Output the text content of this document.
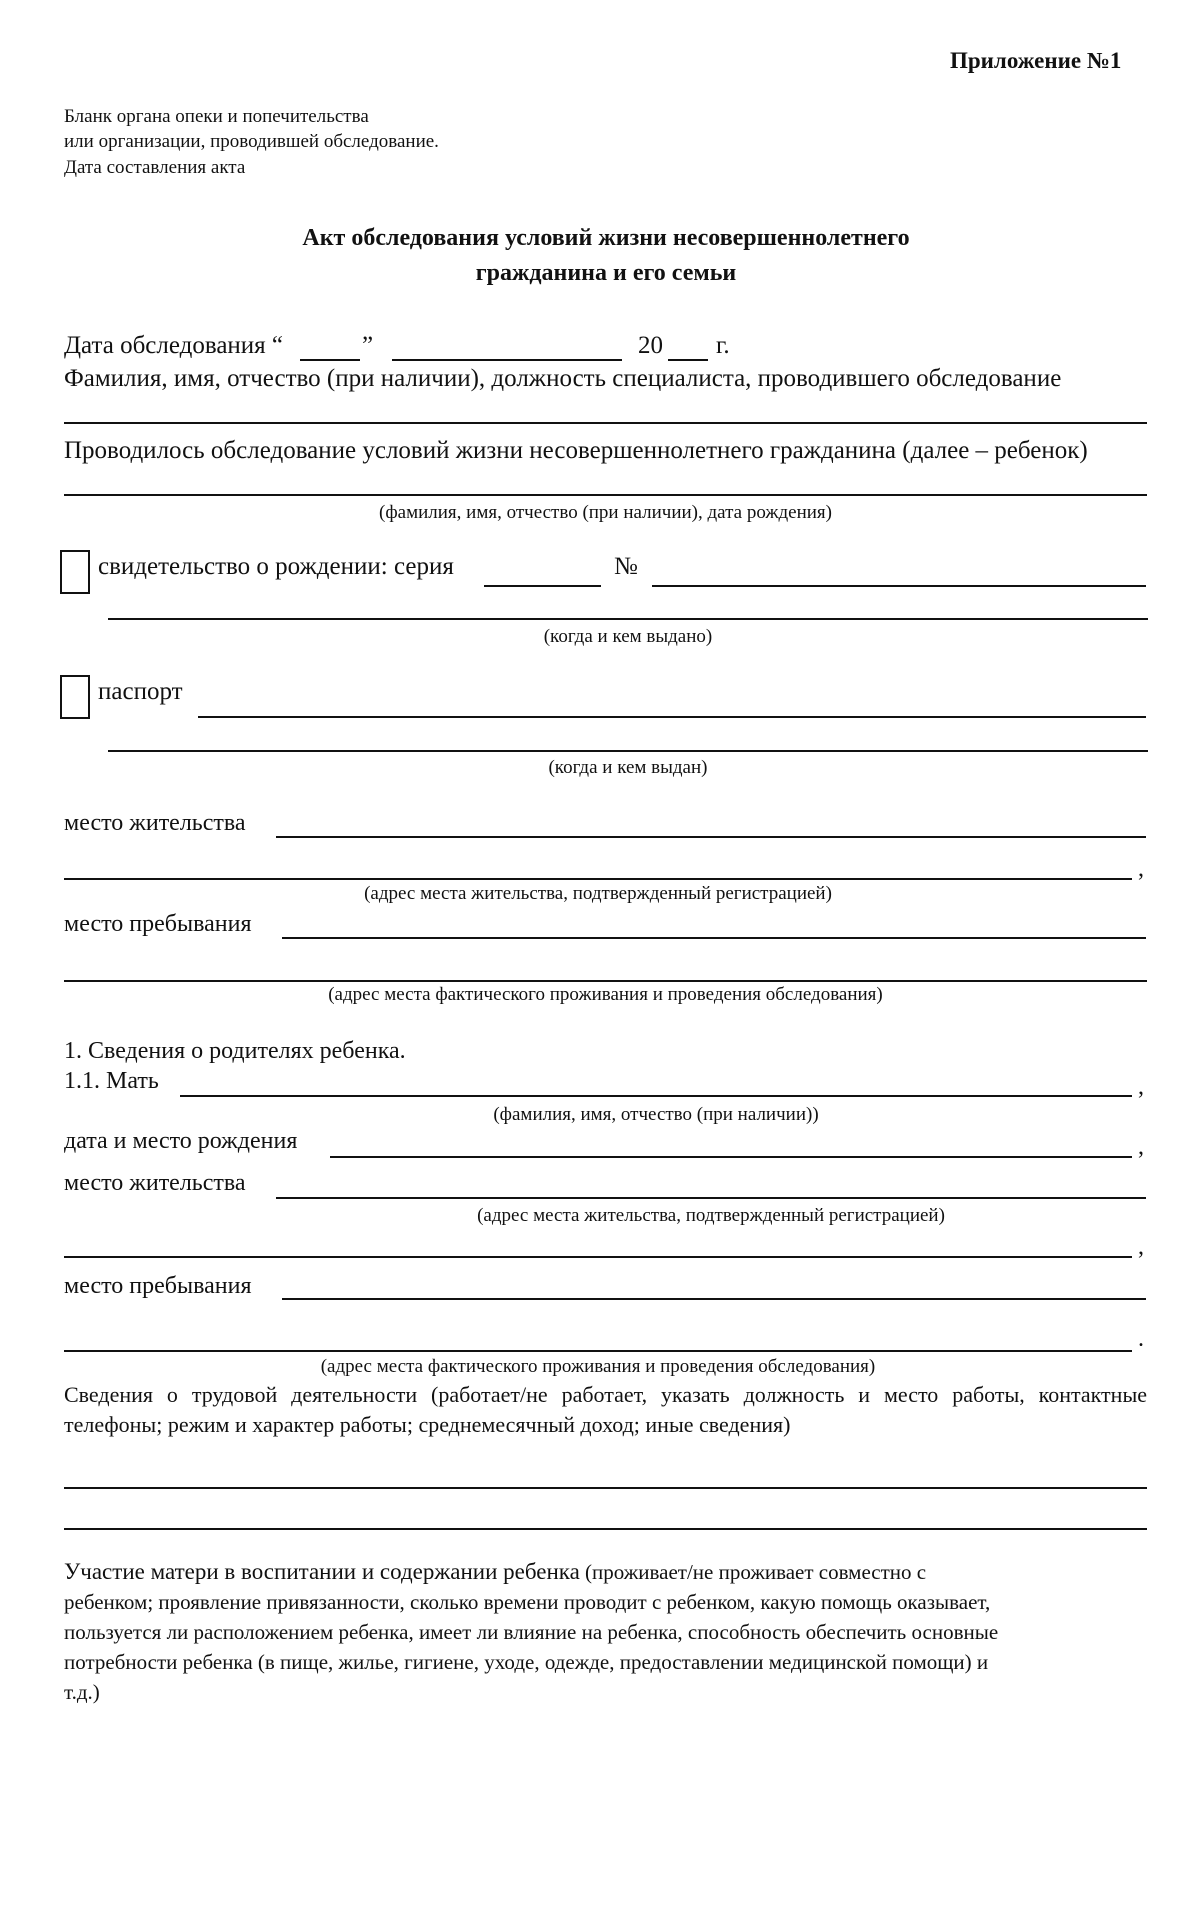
Приложение №1
Бланк органа опеки и попечительства
или организации, проводившей обследование.
Дата составления акта
Акт обследования условий жизни несовершеннолетнего
гражданина и его семьи
Дата обследования “	”	20 г.
Фамилия, имя, отчество (при наличии), должность специалиста, проводившего обследование
Проводилось обследование условий жизни несовершеннолетнего гражданина (далее – ребенок)
(фамилия, имя, отчество (при наличии), дата рождения)
свидетельство о рождении: серия	№
(когда и кем выдано)
паспорт
(когда и кем выдан)
место жительства
,
(адрес места жительства, подтвержденный регистрацией)
место пребывания
(адрес места фактического проживания и проведения обследования)
1. Сведения о родителях ребенка.
1.1. Мать	,
(фамилия, имя, отчество (при наличии))
дата и место рождения	,
место жительства
(адрес места жительства, подтвержденный регистрацией)
,
место пребывания
.
(адрес места фактического проживания и проведения обследования)
Сведения о трудовой деятельности (работает/не работает, указать должность и место работы, контактные телефоны; режим и характер работы; среднемесячный доход; иные сведения)
Участие матери в воспитании и содержании ребенка (проживает/не проживает совместно с
ребенком; проявление привязанности, сколько времени проводит с ребенком, какую помощь оказывает,
пользуется ли расположением ребенка, имеет ли влияние на ребенка, способность обеспечить основные
потребности ребенка (в пище, жилье, гигиене, уходе, одежде, предоставлении медицинской помощи) и
т.д.)
